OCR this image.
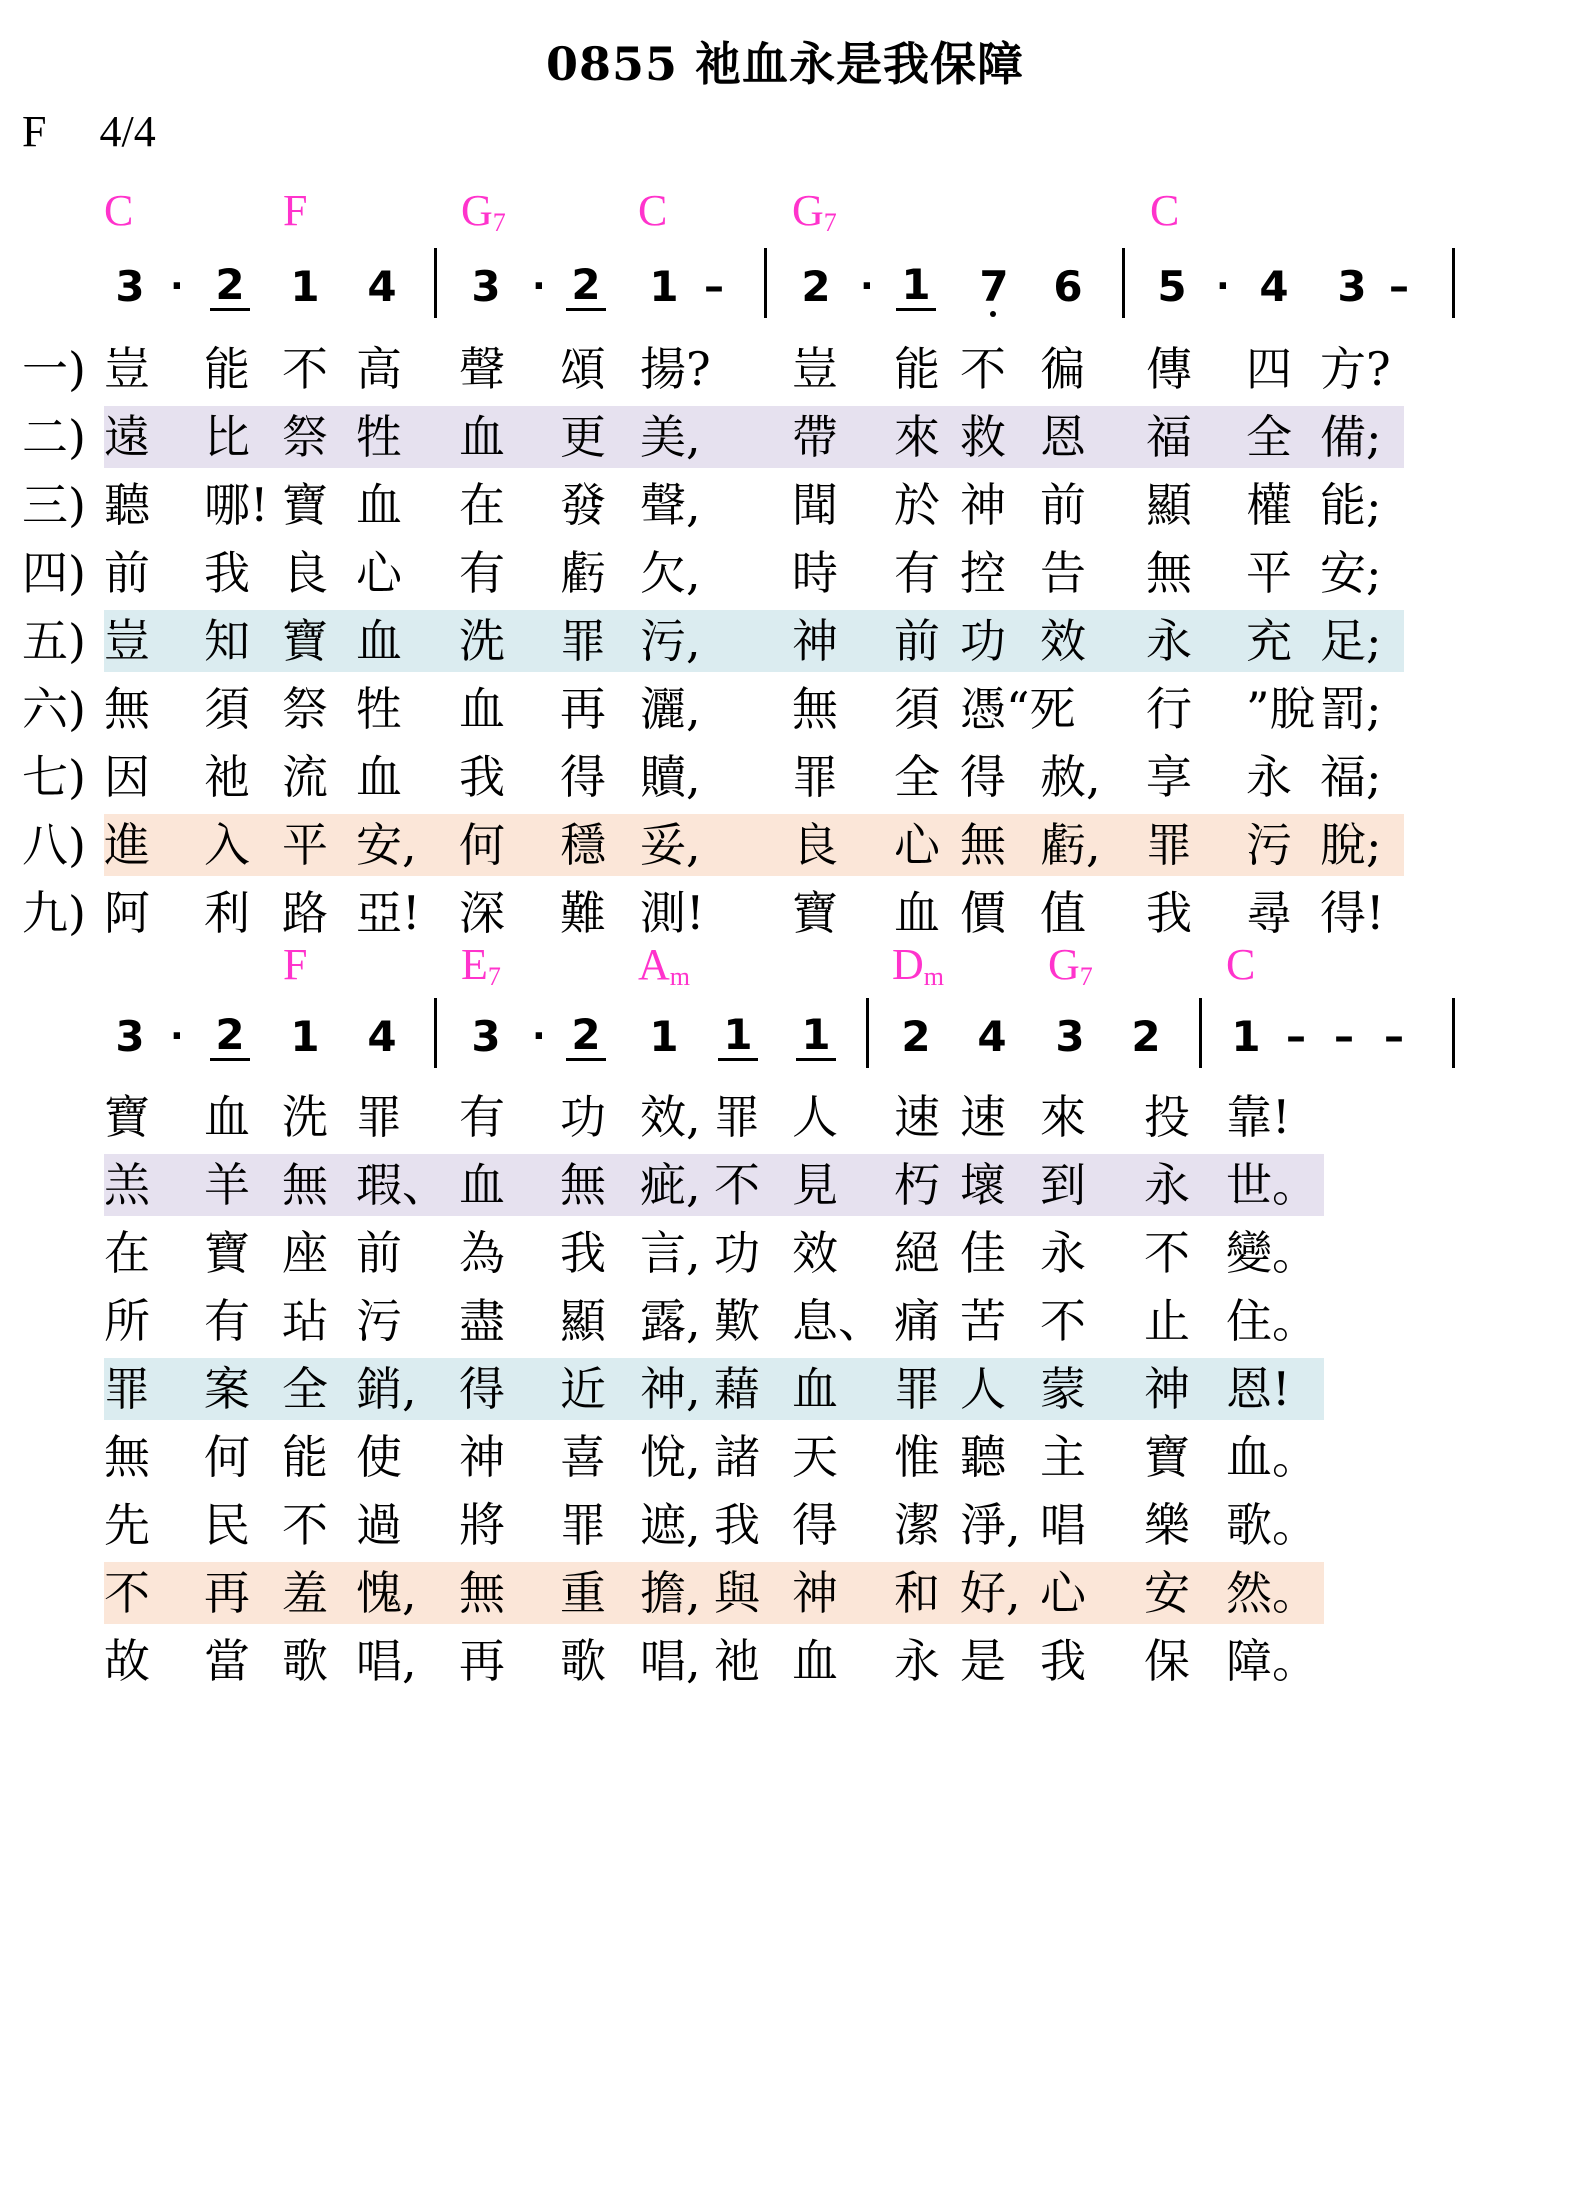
0855 祂血永是我保障
F 4/4
C	F	$G_7$	C	$G_7$	C
3 · 2 1 4 3 · 2 1 – 2 · 1 7 6 5 · 4 3 –
一) 豈 能 不 高 聲 頌 揚? 豈 能 不 徧 傳 四 方?
二) 遠 比 祭 牲 血 更 美, 帶 來 救 恩 福 全 備;
三) 聽 哪! 寶 血 在 發 聲, 聞 於 神 前 顯 權 能;
四) 前 我 良 心 有 虧 欠, 時 有 控 告 無 平 安;
五) 豈 知 寶 血 洗 罪 污, 神 前 功 效 永 充 足;
六) 無 須 祭 牲 血 再 灑, 無 須 憑“死 行 ”脫 罰;
七) 因 祂 流 血 我 得 贖, 罪 全 得 赦, 享 永 福;
八) 進 入 平 安, 何 穩 妥, 良 心 無 虧, 罪 污 脫;
九) 阿 利 路 亞! 深 難 測! 寶 血 價 值 我 尋 得!
F	$E_7$	$A_m$	$D_m$ $G_7$	C
3 · 2 1 4 3 · 2 1 1 1 2 4 3 2 1 – – –
寶 血 洗 罪 有 功 效, 罪 人 速 速 來 投 靠!
羔 羊 無 瑕、 血 無 疵, 不 見 朽 壞 到 永 世。
在 寶 座 前 為 我 言, 功 效 絕 佳 永 不 變。
所 有 玷 污 盡 顯 露, 歎 息、 痛 苦 不 止 住。
罪 案 全 銷, 得 近 神, 藉 血 罪 人 蒙 神 恩!
無 何 能 使 神 喜 悅, 諸 天 惟 聽 主 寶 血。
先 民 不 過 將 罪 遮, 我 得 潔 淨, 唱 樂 歌。
不 再 羞 愧, 無 重 擔, 與 神 和 好, 心 安 然。
故 當 歌 唱, 再 歌 唱, 祂 血 永 是 我 保 障。
